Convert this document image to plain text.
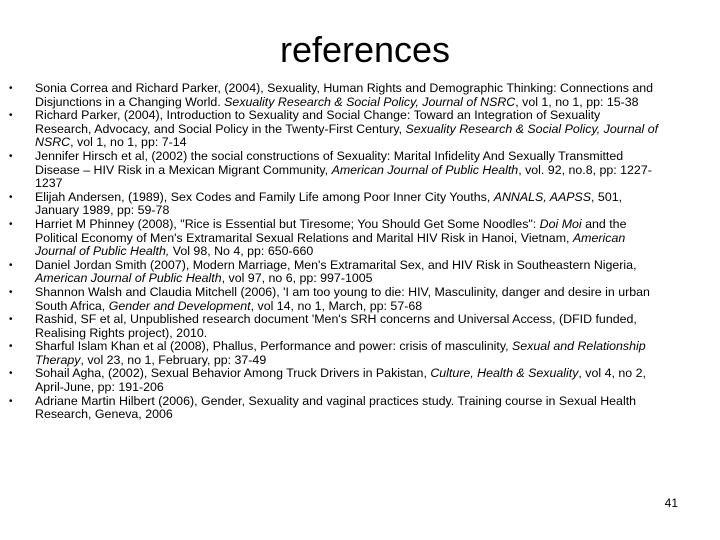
references
• Sonia Correa and Richard Parker, (2004), Sexuality, Human Rights and Demographic Thinking: Connections and Disjunctions in a Changing World. Sexuality Research & Social Policy, Journal of NSRC, vol 1, no 1, pp: 15-38
• Richard Parker, (2004), Introduction to Sexuality and Social Change: Toward an Integration of Sexuality Research, Advocacy, and Social Policy in the Twenty-First Century, Sexuality Research & Social Policy, Journal of NSRC, vol 1, no 1, pp: 7-14
• Jennifer Hirsch et al, (2002) the social constructions of Sexuality: Marital Infidelity And Sexually Transmitted Disease – HIV Risk in a Mexican Migrant Community, American Journal of Public Health, vol. 92, no.8, pp: 1227-1237
• Elijah Andersen, (1989), Sex Codes and Family Life among Poor Inner City Youths, ANNALS, AAPSS, 501, January 1989, pp: 59-78
• Harriet M Phinney (2008), "Rice is Essential but Tiresome; You Should Get Some Noodles": Doi Moi and the Political Economy of Men's Extramarital Sexual Relations and Marital HIV Risk in Hanoi, Vietnam, American Journal of Public Health, Vol 98, No 4, pp: 650-660
• Daniel Jordan Smith (2007), Modern Marriage, Men's Extramarital Sex, and HIV Risk in Southeastern Nigeria, American Journal of Public Health, vol 97, no 6, pp: 997-1005
• Shannon Walsh and Claudia Mitchell (2006), 'I am too young to die: HIV, Masculinity, danger and desire in urban South Africa, Gender and Development, vol 14, no 1, March, pp: 57-68
• Rashid, SF et al, Unpublished research document 'Men's SRH concerns and Universal Access, (DFID funded, Realising Rights project), 2010.
• Sharful Islam Khan et al (2008), Phallus, Performance and power: crisis of masculinity, Sexual and Relationship Therapy, vol 23, no 1, February, pp: 37-49
• Sohail Agha, (2002), Sexual Behavior Among Truck Drivers in Pakistan, Culture, Health & Sexuality, vol 4, no 2, April-June, pp: 191-206
• Adriane Martin Hilbert (2006), Gender, Sexuality and vaginal practices study. Training course in Sexual Health Research, Geneva, 2006
41
